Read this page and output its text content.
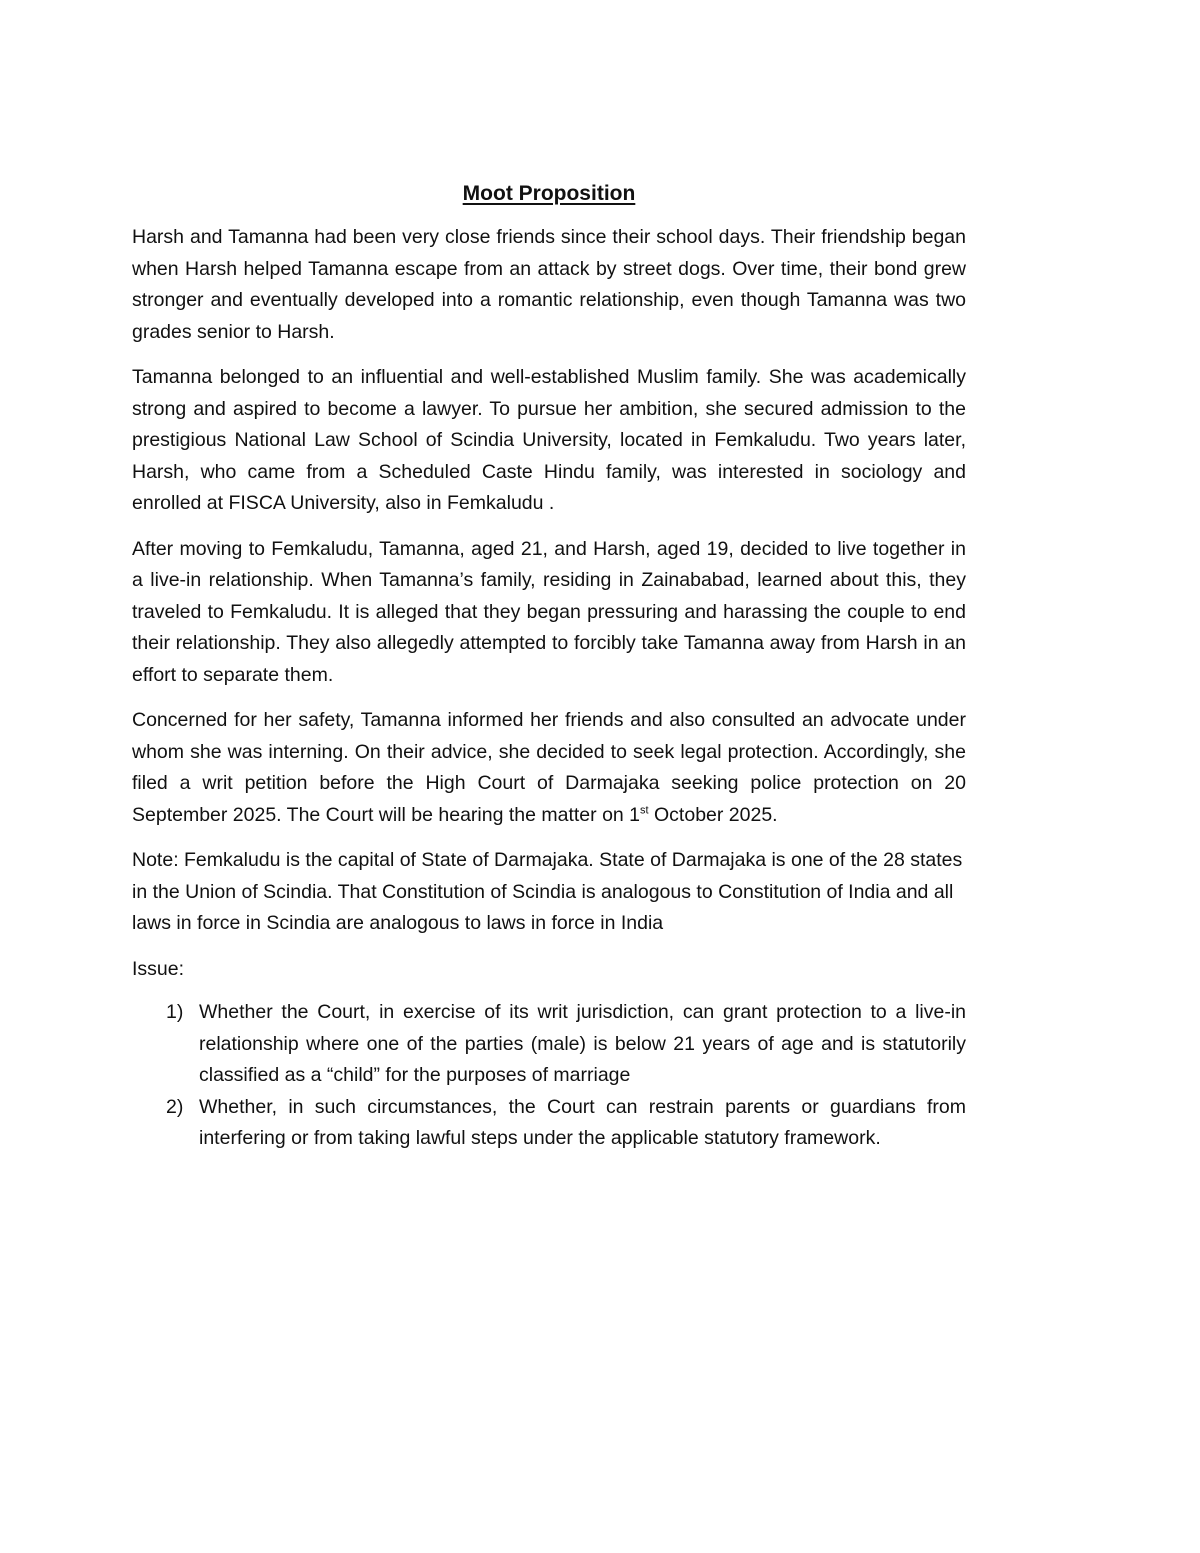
Moot Proposition

Harsh and Tamanna had been very close friends since their school days. Their friendship began when Harsh helped Tamanna escape from an attack by street dogs. Over time, their bond grew stronger and eventually developed into a romantic relationship, even though Tamanna was two grades senior to Harsh.

Tamanna belonged to an influential and well-established Muslim family. She was academically strong and aspired to become a lawyer. To pursue her ambition, she secured admission to the prestigious National Law School of Scindia University, located in Femkaludu. Two years later, Harsh, who came from a Scheduled Caste Hindu family, was interested in sociology and enrolled at FISCA University, also in Femkaludu .

After moving to Femkaludu, Tamanna, aged 21, and Harsh, aged 19, decided to live together in a live-in relationship. When Tamanna’s family, residing in Zainababad, learned about this, they traveled to Femkaludu. It is alleged that they began pressuring and harassing the couple to end their relationship. They also allegedly attempted to forcibly take Tamanna away from Harsh in an effort to separate them.

Concerned for her safety, Tamanna informed her friends and also consulted an advocate under whom she was interning. On their advice, she decided to seek legal protection. Accordingly, she filed a writ petition before the High Court of Darmajaka seeking police protection on 20 September 2025. The Court will be hearing the matter on 1st October 2025.

Note: Femkaludu is the capital of State of Darmajaka. State of Darmajaka is one of the 28 states in the Union of Scindia. That Constitution of Scindia is analogous to Constitution of India and all laws in force in Scindia are analogous to laws in force in India

Issue:

1) Whether the Court, in exercise of its writ jurisdiction, can grant protection to a live-in relationship where one of the parties (male) is below 21 years of age and is statutorily classified as a “child” for the purposes of marriage
2) Whether, in such circumstances, the Court can restrain parents or guardians from interfering or from taking lawful steps under the applicable statutory framework.
